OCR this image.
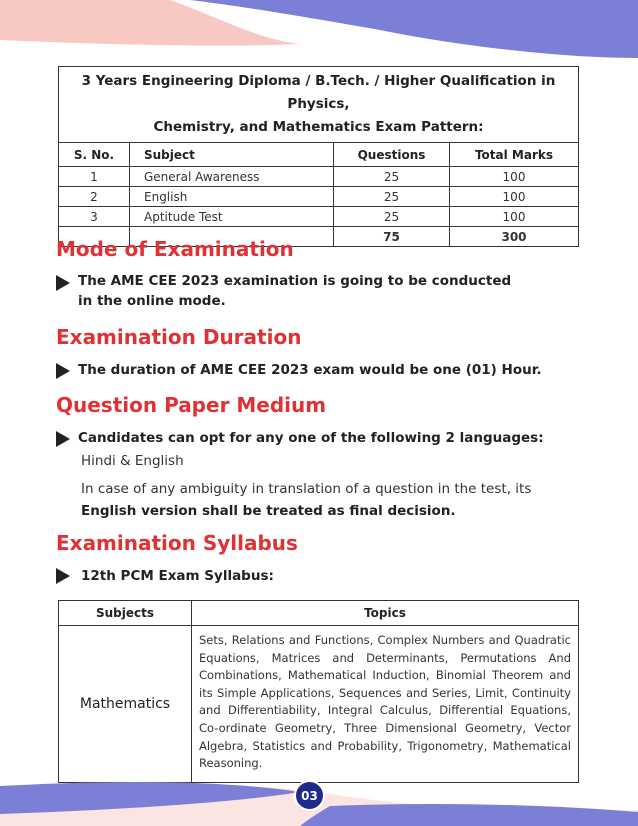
3 Years Engineering Diploma / B.Tech. / Higher Qualification in Physics,
Chemistry, and Mathematics Exam Pattern:			

S. No.	Subject	Questions	Total Marks
1	General Awareness	25	100
2	English	25	100
3	Aptitude Test	25	100
		75	300
Mode of Examination
The AME CEE 2023 examination is going to be conducted
in the online mode.
Examination Duration
The duration of AME CEE 2023 exam would be one (01) Hour.
Question Paper Medium
Candidates can opt for any one of the following 2 languages:
Hindi & English
In case of any ambiguity in translation of a question in the test, its
English version shall be treated as final decision.
Examination Syllabus
12th PCM Exam Syllabus:
Subjects	Topics
Mathematics	Sets, Relations and Functions, Complex Numbers and Quadratic Equations, Matrices and Determinants, Permutations And Combinations, Mathematical Induction, Binomial Theorem and its Simple Applications, Sequences and Series, Limit, Continuity and Differentiability, Integral Calculus, Differential Equations, Co-ordinate Geometry, Three Dimensional Geometry, Vector Algebra, Statistics and Probability, Trigonometry, Mathematical Reasoning.
03
